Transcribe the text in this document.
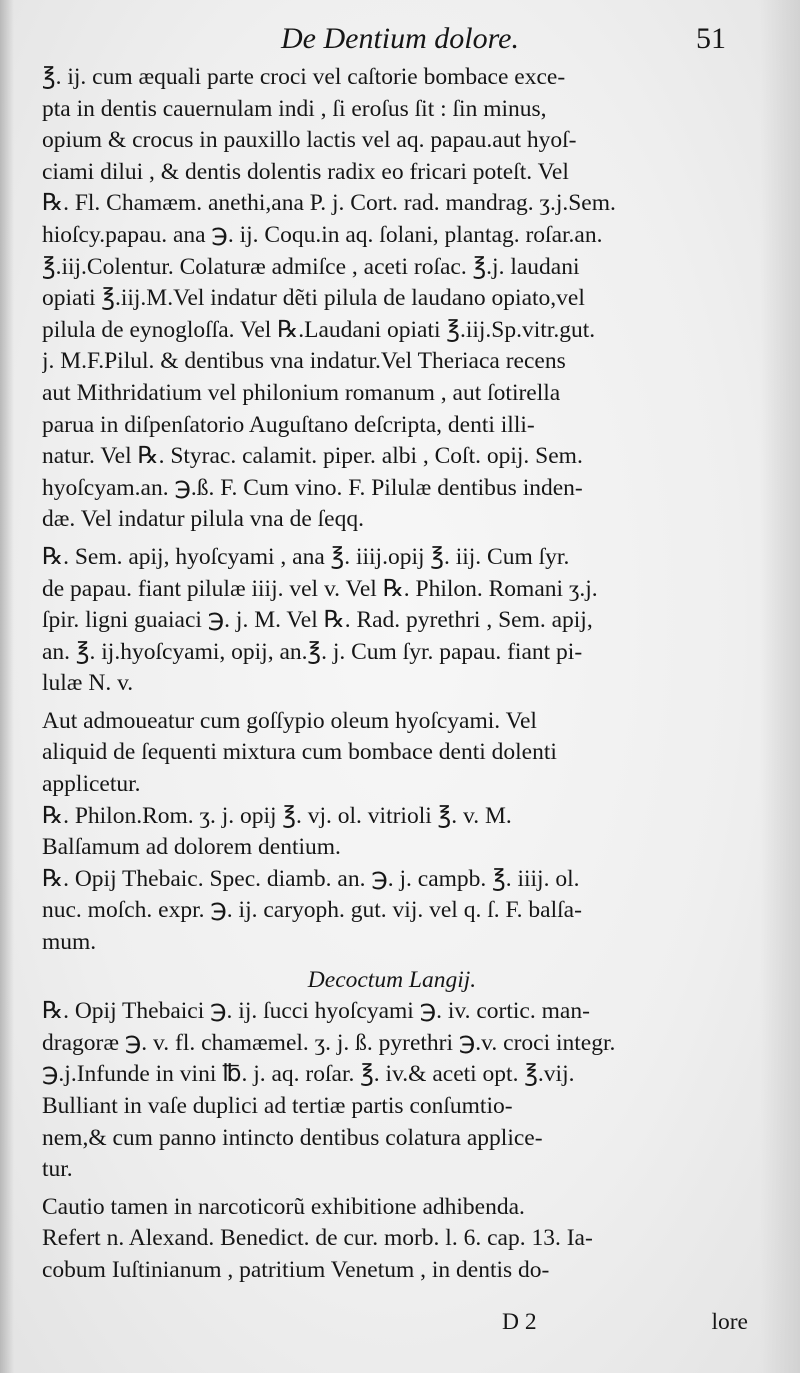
De Dentium dolore.	51
℥. ij. cum æquali parte croci vel caſtorie bombace exce-
pta in dentis cauernulam indi , ſi eroſus ſit : ſin minus,
opium & crocus in pauxillo lactis vel aq. papau.aut hyoſ-
ciami dilui , & dentis dolentis radix eo fricari poteſt. Vel
℞. Fl. Chamæm. anethi,ana P. j. Cort. rad. mandrag. ʒ.j.Sem.
hioſcy.papau. ana ℈. ij. Coqu.in aq. ſolani, plantag. roſar.an.
℥.iij.Colentur. Colaturæ admiſce , aceti roſac. ℥.j. laudani
opiati ℥.iij.M.Vel indatur dẽti pilula de laudano opiato,vel
pilula de eynogloſſa. Vel ℞.Laudani opiati ℥.iij.Sp.vitr.gut.
j. M.F.Pilul. & dentibus vna indatur.Vel Theriaca recens
aut Mithridatium vel philonium romanum , aut ſotirella
parua in diſpenſatorio Auguſtano deſcripta, denti illi-
natur. Vel ℞. Styrac. calamit. piper. albi , Coſt. opij. Sem.
hyoſcyam.an. ℈.ß. F. Cum vino. F. Pilulæ dentibus inden-
dæ. Vel indatur pilula vna de ſeqq.
℞. Sem. apij, hyoſcyami , ana ℥. iiij.opij ℥. iij. Cum ſyr.
de papau. fiant pilulæ iiij. vel v. Vel ℞. Philon. Romani ʒ.j.
ſpir. ligni guaiaci ℈. j. M. Vel ℞. Rad. pyrethri , Sem. apij,
an. ℥. ij.hyoſcyami, opij, an.℥. j. Cum ſyr. papau. fiant pi-
lulæ N. v.
Aut admoueatur cum goſſypio oleum hyoſcyami. Vel
aliquid de ſequenti mixtura cum bombace denti dolenti
applicetur.
℞. Philon.Rom. ʒ. j. opij ℥. vj. ol. vitrioli ℥. v. M.
Balſamum ad dolorem dentium.
℞. Opij Thebaic. Spec. diamb. an. ℈. j. campb. ℥. iiij. ol.
nuc. moſch. expr. ℈. ij. caryoph. gut. vij. vel q. ſ. F. balſa-
mum.
Decoctum Langij.
℞. Opij Thebaici ℈. ij. ſucci hyoſcyami ℈. iv. cortic. man-
dragoræ ℈. v. fl. chamæmel. ʒ. j. ß. pyrethri ℈.v. croci integr.
℈.j.Infunde in vini ℔. j. aq. roſar. ℥. iv.& aceti opt. ℥.vij.
Bulliant in vaſe duplici ad tertiæ partis conſumtio-
nem,& cum panno intincto dentibus colatura applice-
tur.
Cautio tamen in narcoticorũ exhibitione adhibenda.
Refert n. Alexand. Benedict. de cur. morb. l. 6. cap. 13. Ia-
cobum Iuſtinianum , patritium Venetum , in dentis do-
D 2	lore
